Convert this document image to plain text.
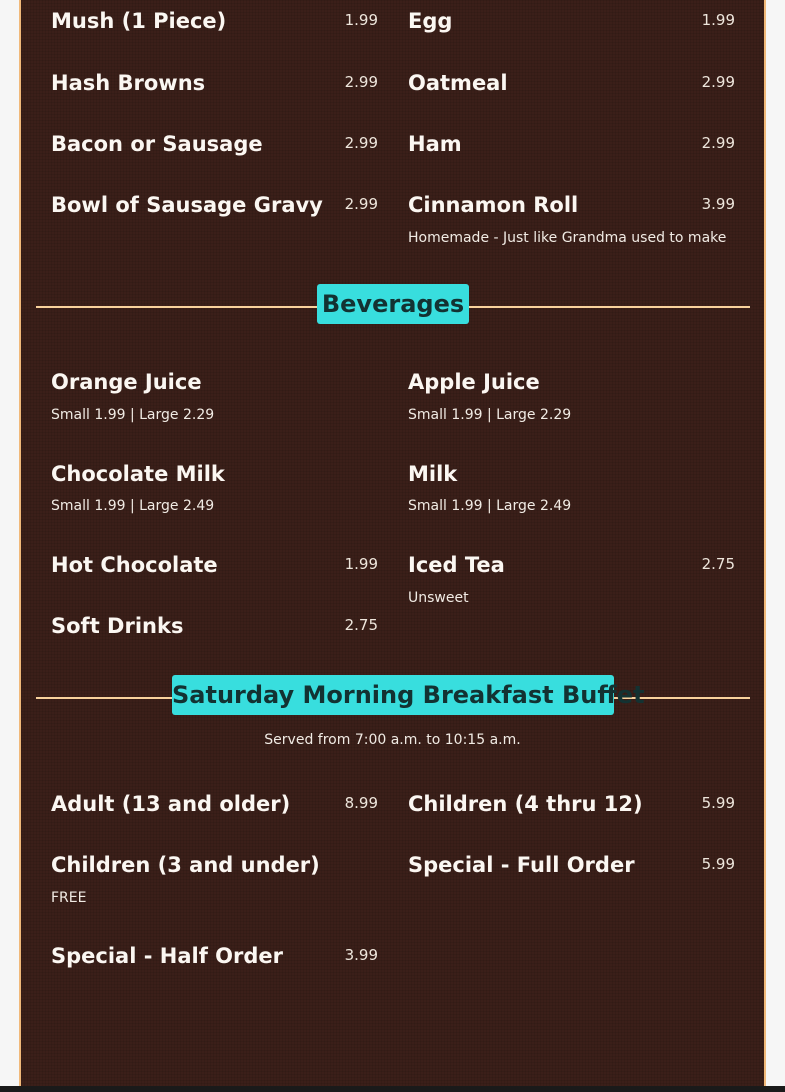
Mush (1 Piece)	1.99 Egg	1.99
Hash Browns	2.99 Oatmeal	2.99
Bacon or Sausage	2.99 Ham	2.99
Bowl of Sausage Gravy 2.99 Cinnamon Roll	3.99
Homemade - Just like Grandma used to make
Beverages
Orange Juice
Small 1.99 | Large 2.29
Apple Juice
Small 1.99 | Large 2.29
Chocolate Milk
Small 1.99 | Large 2.49
Milk
Small 1.99 | Large 2.49
Hot Chocolate	1.99 Iced Tea	2.75
Unsweet
Soft Drinks	2.75
Saturday Morning Breakfast Buffet
Served from 7:00 a.m. to 10:15 a.m.
Adult (13 and older)	8.99 Children (4 thru 12)	5.99
Children (3 and under)
FREE
Special - Full Order	5.99
Special - Half Order	3.99
